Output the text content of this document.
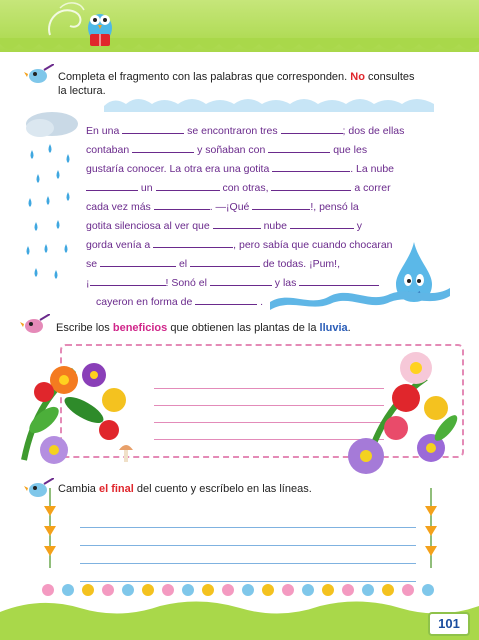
Completa el fragmento con las palabras que corresponden. No consultes
la lectura.
En una	se encontraron tres	; dos de ellas
contaban	y soñaban con	que les
gustaría conocer. La otra era una gotita	. La nube
un	con otras,	a correr
cada vez más	. —¡Qué	!, pensó la
gotita silenciosa al ver que	nube	y
gorda venía a	, pero sabía que cuando chocaran
se	el	de todas. ¡Pum!,
¡	! Sonó el	y las
cayeron en forma de	.
Escribe los beneficios que obtienen las plantas de la lluvia.
Cambia el final del cuento y escríbelo en las líneas.
101
